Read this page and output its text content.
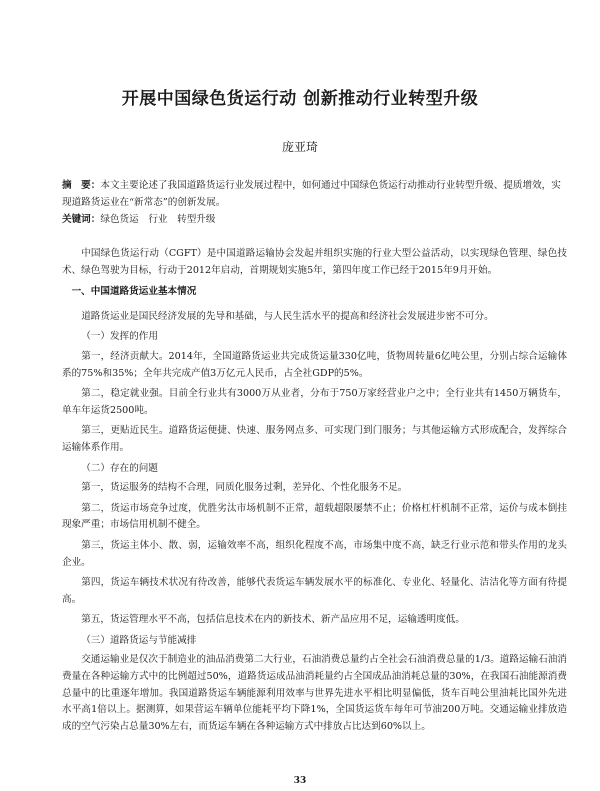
开展中国绿色货运行动 创新推动行业转型升级
庞亚琦
摘　要：本文主要论述了我国道路货运行业发展过程中，如何通过中国绿色货运行动推动行业转型升级、提质增效，实现道路货运业在“新常态”的创新发展。
关键词：绿色货运　行业　转型升级

中国绿色货运行动（CGFT）是中国道路运输协会发起并组织实施的行业大型公益活动，以实现绿色管理、绿色技术、绿色驾驶为目标，行动于2012年启动，首期规划实施5年，第四年度工作已经于2015年9月开始。

一、中国道路货运业基本情况

道路货运业是国民经济发展的先导和基础，与人民生活水平的提高和经济社会发展进步密不可分。

（一）发挥的作用

第一，经济贡献大。2014年，全国道路货运业共完成货运量330亿吨，货物周转量6亿吨公里，分别占综合运输体系的75%和35%；全年共完成产值3万亿元人民币，占全社GDP的5%。

第二，稳定就业强。目前全行业共有3000万从业者，分布于750万家经营业户之中；全行业共有1450万辆货车，单车年运货2500吨。

第三，更贴近民生。道路货运便捷、快速、服务网点多、可实现门到门服务；与其他运输方式形成配合，发挥综合运输体系作用。

（二）存在的问题

第一，货运服务的结构不合理，同质化服务过剩，差异化、个性化服务不足。

第二，货运市场竞争过度，优胜劣汰市场机制不正常，超载超限屡禁不止；价格杠杆机制不正常，运价与成本倒挂现象严重；市场信用机制不健全。

第三，货运主体小、散、弱，运输效率不高，组织化程度不高，市场集中度不高，缺乏行业示范和带头作用的龙头企业。

第四，货运车辆技术状况有待改善，能够代表货运车辆发展水平的标准化、专业化、轻量化、洁洁化等方面有待提高。

第五，货运管理水平不高，包括信息技术在内的新技术、新产品应用不足，运输透明度低。

（三）道路货运与节能减排

交通运输业是仅次于制造业的油品消费第二大行业，石油消费总量约占全社会石油消费总量的1/3。道路运输石油消费量在各种运输方式中的比例超过50%，道路货运成品油消耗量约占全国成品油消耗总量的30%，在我国石油能源消费总量中的比重逐年增加。我国道路货运车辆能源利用效率与世界先进水平相比明显偏低，货车百吨公里油耗比国外先进水平高1倍以上。据测算，如果营运车辆单位能耗平均下降1%，全国货运货车每年可节油200万吨。交通运输业排放造成的空气污染占总量30%左右，而货运车辆在各种运输方式中排放占比达到60%以上。

33
